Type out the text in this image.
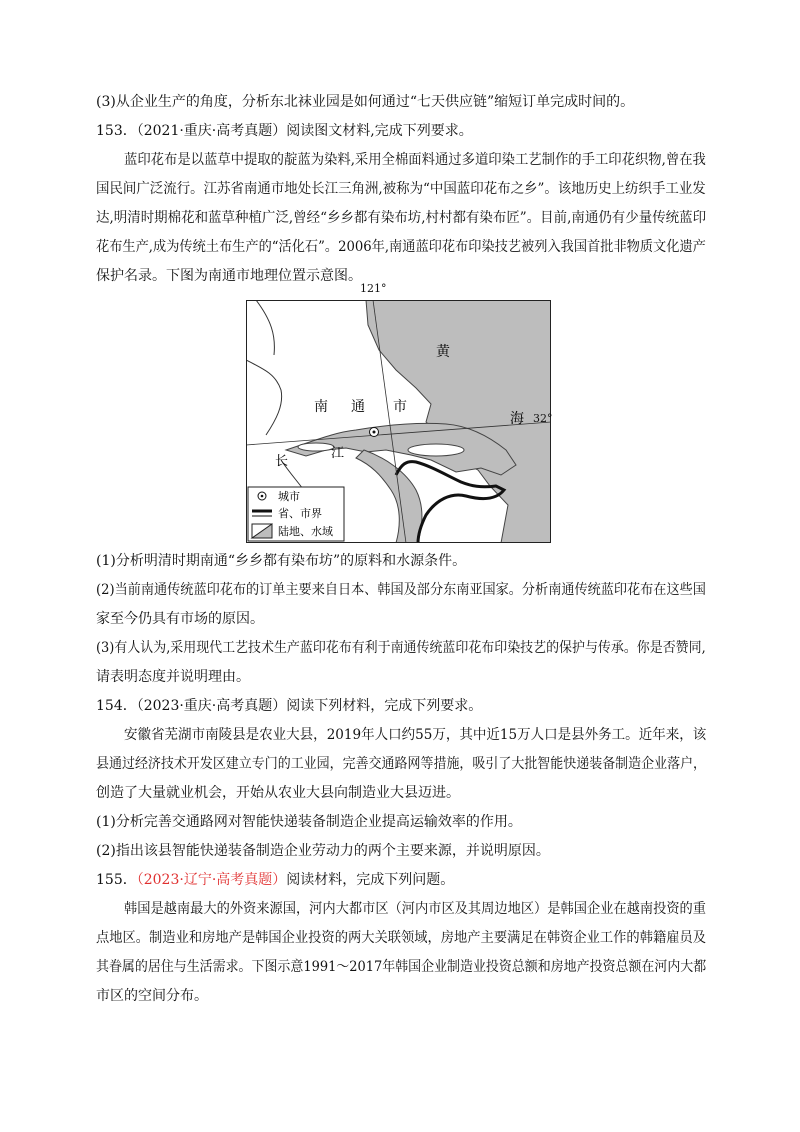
(3)从企业生产的角度，分析东北袜业园是如何通过“七天供应链”缩短订单完成时间的。
153．（2021·重庆·高考真题）阅读图文材料,完成下列要求。
蓝印花布是以蓝草中提取的靛蓝为染料,采用全棉面料通过多道印染工艺制作的手工印花织物,曾在我
国民间广泛流行。江苏省南通市地处长江三角洲,被称为“中国蓝印花布之乡”。该地历史上纺织手工业发
达,明清时期棉花和蓝草种植广泛,曾经“乡乡都有染布坊,村村都有染布匠”。目前,南通仍有少量传统蓝印
花布生产,成为传统土布生产的“活化石”。2006年,南通蓝印花布印染技艺被列入我国首批非物质文化遗产
保护名录。下图为南通市地理位置示意图。
黄
海
南 通 市
长
江
城市
省、市界
陆地、水域
121°
32°
(1)分析明清时期南通“乡乡都有染布坊”的原料和水源条件。
(2)当前南通传统蓝印花布的订单主要来自日本、韩国及部分东南亚国家。分析南通传统蓝印花布在这些国
家至今仍具有市场的原因。
(3)有人认为,采用现代工艺技术生产蓝印花布有利于南通传统蓝印花布印染技艺的保护与传承。你是否赞同,
请表明态度并说明理由。
154．（2023·重庆·高考真题）阅读下列材料，完成下列要求。
安徽省芜湖市南陵县是农业大县，2019年人口约55万，其中近15万人口是县外务工。近年来，该
县通过经济技术开发区建立专门的工业园，完善交通路网等措施，吸引了大批智能快递装备制造企业落户，
创造了大量就业机会，开始从农业大县向制造业大县迈进。
(1)分析完善交通路网对智能快递装备制造企业提高运输效率的作用。
(2)指出该县智能快递装备制造企业劳动力的两个主要来源，并说明原因。
155．（2023·辽宁·高考真题）阅读材料，完成下列问题。
韩国是越南最大的外资来源国，河内大都市区（河内市区及其周边地区）是韩国企业在越南投资的重
点地区。制造业和房地产是韩国企业投资的两大关联领域，房地产主要满足在韩资企业工作的韩籍雇员及
其眷属的居住与生活需求。下图示意1991～2017年韩国企业制造业投资总额和房地产投资总额在河内大都
市区的空间分布。
